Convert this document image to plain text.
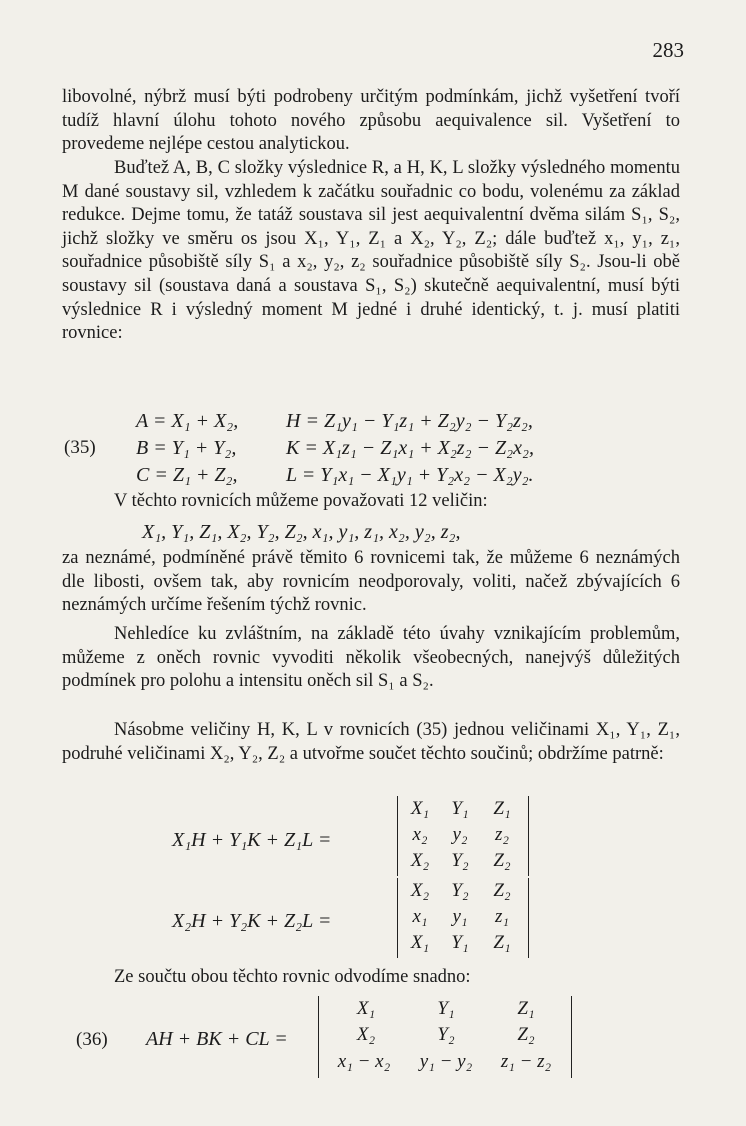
283
libovolné, nýbrž musí býti podrobeny určitým podmínkám, jichž vyšetření tvoří tudíž hlavní úlohu tohoto nového způsobu aequivalence sil. Vyšetření to provedeme nejlépe cestou analytickou.
Buďtež A, B, C složky výslednice R, a H, K, L složky výsledného momentu M dané soustavy sil, vzhledem k začátku souřadnic co bodu, volenému za základ redukce. Dejme tomu, že tatáž soustava sil jest aequivalentní dvěma silám S₁, S₂, jichž složky ve směru os jsou X₁, Y₁, Z₁ a X₂, Y₂, Z₂; dále buďtež x₁, y₁, z₁, souřadnice působiště síly S₁ a x₂, y₂, z₂ souřadnice působiště síly S₂. Jsou-li obě soustavy sil (soustava daná a soustava S₁, S₂) skutečně aequivalentní, musí býti výslednice R i výsledný moment M jedné i druhé identický, t. j. musí platiti rovnice:
(35)
A = X₁ + X₂, H = Z₁y₁ − Y₁z₁ + Z₂y₂ − Y₂z₂,
B = Y₁ + Y₂, K = X₁z₁ − Z₁x₁ + X₂z₂ − Z₂x₂,
C = Z₁ + Z₂, L = Y₁x₁ − X₁y₁ + Y₂x₂ − X₂y₂.
V těchto rovnicích můžeme považovati 12 veličin:
X₁, Y₁, Z₁, X₂, Y₂, Z₂, x₁, y₁, z₁, x₂, y₂, z₂,
za neznámé, podmíněné právě těmito 6 rovnicemi tak, že můžeme 6 neznámých dle libosti, ovšem tak, aby rovnicím neodporovaly, voliti, načež zbývajících 6 neznámých určíme řešením týchž rovnic.
Nehledíce ku zvláštním, na základě této úvahy vznikajícím problemům, můžeme z oněch rovnic vyvoditi několik všeobecných, nanejvýš důležitých podmínek pro polohu a intensitu oněch sil S₁ a S₂.
Násobme veličiny H, K, L v rovnicích (35) jednou veličinami X₁, Y₁, Z₁, podruhé veličinami X₂, Y₂, Z₂ a utvořme součet těchto součinů; obdržíme patrně:
X₁H + Y₁K + Z₁L =
X₁	Y₁	Z₁
x₂	y₂	z₂
X₂	Y₂	Z₂
X₂H + Y₂K + Z₂L =
X₂	Y₂	Z₂
x₁	y₁	z₁
X₁	Y₁	Z₁
Ze součtu obou těchto rovnic odvodíme snadno:
(36) AH + BK + CL =
X₁	Y₁	Z₁
X₂	Y₂	Z₂
x₁ − x₂	y₁ − y₂	z₁ − z₂
